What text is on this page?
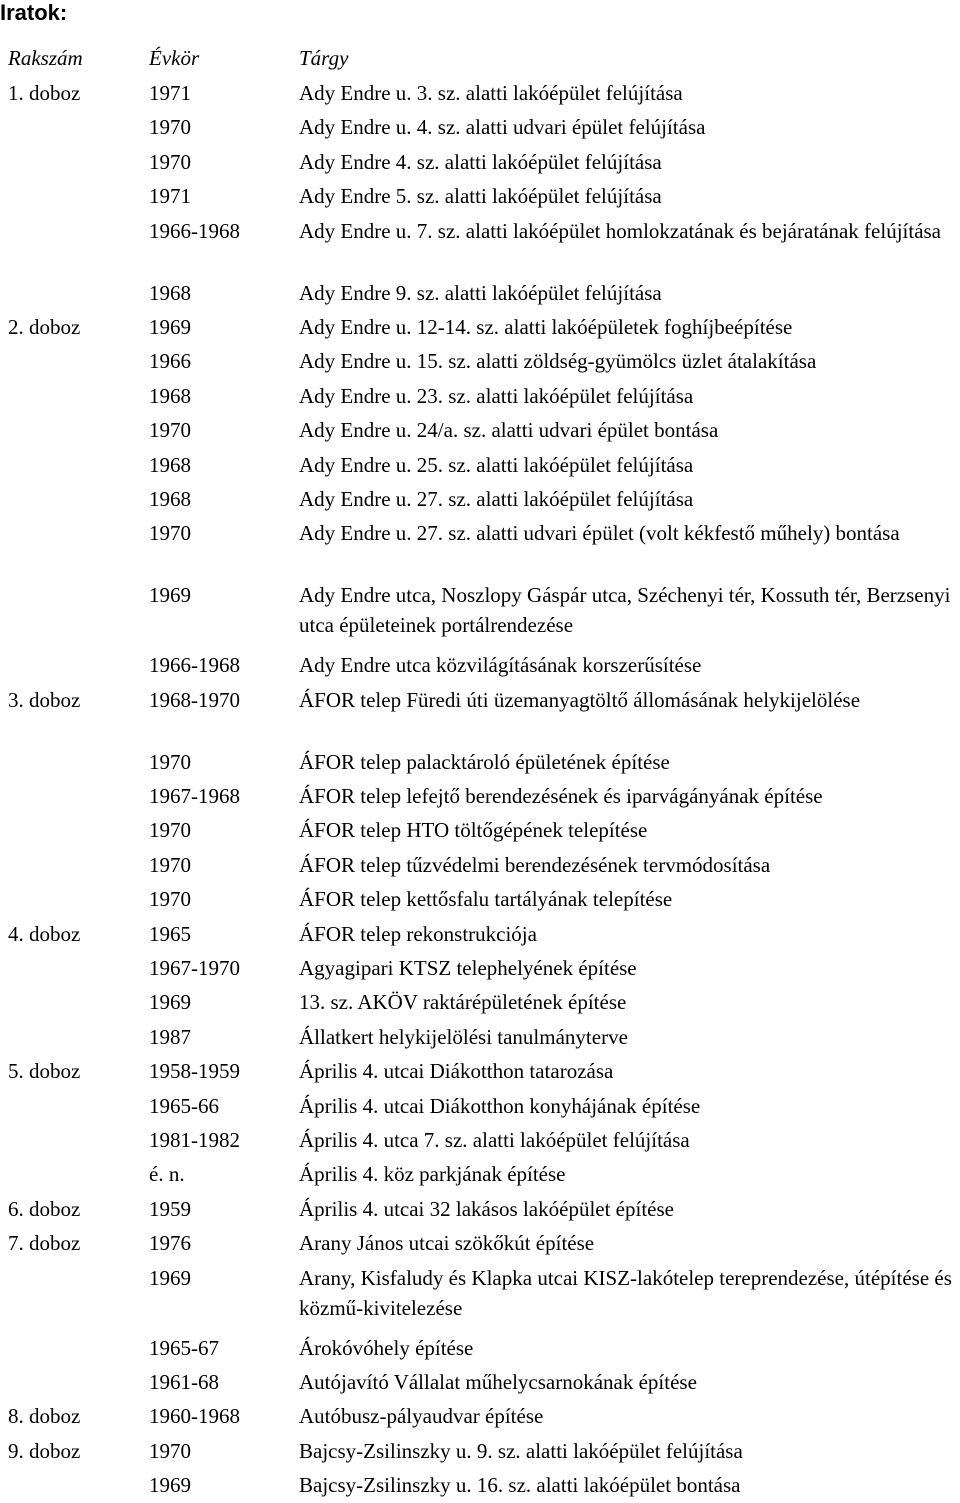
Iratok:
Rakszám	Évkör	Tárgy
1. doboz	1971	Ady Endre u. 3. sz. alatti lakóépület felújítása
	1970	Ady Endre u. 4. sz. alatti udvari épület felújítása
	1970	Ady Endre 4. sz. alatti lakóépület felújítása
	1971	Ady Endre 5. sz. alatti lakóépület felújítása
	1966-1968	Ady Endre u. 7. sz. alatti lakóépület homlokzatának és bejáratának felújítása
	1968	Ady Endre 9. sz. alatti lakóépület felújítása
2. doboz	1969	Ady Endre u. 12-14. sz. alatti lakóépületek foghíjbeépítése
	1966	Ady Endre u. 15. sz. alatti zöldség-gyümölcs üzlet átalakítása
	1968	Ady Endre u. 23. sz. alatti lakóépület felújítása
	1970	Ady Endre u. 24/a. sz. alatti udvari épület bontása
	1968	Ady Endre u. 25. sz. alatti lakóépület felújítása
	1968	Ady Endre u. 27. sz. alatti lakóépület felújítása
	1970	Ady Endre u. 27. sz. alatti udvari épület (volt kékfestő műhely) bontása
	1969	Ady Endre utca, Noszlopy Gáspár utca, Széchenyi tér, Kossuth tér, Berzsenyi utca épületeinek portálrendezése
	1966-1968	Ady Endre utca közvilágításának korszerűsítése
3. doboz	1968-1970	ÁFOR telep Füredi úti üzemanyagtöltő állomásának helykijelölése
	1970	ÁFOR telep palacktároló épületének építése
	1967-1968	ÁFOR telep lefejtő berendezésének és iparvágányának építése
	1970	ÁFOR telep HTO töltőgépének telepítése
	1970	ÁFOR telep tűzvédelmi berendezésének tervmódosítása
	1970	ÁFOR telep kettősfalu tartályának telepítése
4. doboz	1965	ÁFOR telep rekonstrukciója
	1967-1970	Agyagipari KTSZ telephelyének építése
	1969	13. sz. AKÖV raktárépületének építése
	1987	Állatkert helykijelölési tanulmányterve
5. doboz	1958-1959	Április 4. utcai Diákotthon tatarozása
	1965-66	Április 4. utcai Diákotthon konyhájának építése
	1981-1982	Április 4. utca 7. sz. alatti lakóépület felújítása
	é. n.	Április 4. köz parkjának építése
6. doboz	1959	Április 4. utcai 32 lakásos lakóépület építése
7. doboz	1976	Arany János utcai szökőkút építése
	1969	Arany, Kisfaludy és Klapka utcai KISZ-lakótelep tereprendezése, útépítése és közmű-kivitelezése
	1965-67	Árokóvóhely építése
	1961-68	Autójavító Vállalat műhelycsarnokának építése
8. doboz	1960-1968	Autóbusz-pályaudvar építése
9. doboz	1970	Bajcsy-Zsilinszky u. 9. sz. alatti lakóépület felújítása
	1969	Bajcsy-Zsilinszky u. 16. sz. alatti lakóépület bontása
